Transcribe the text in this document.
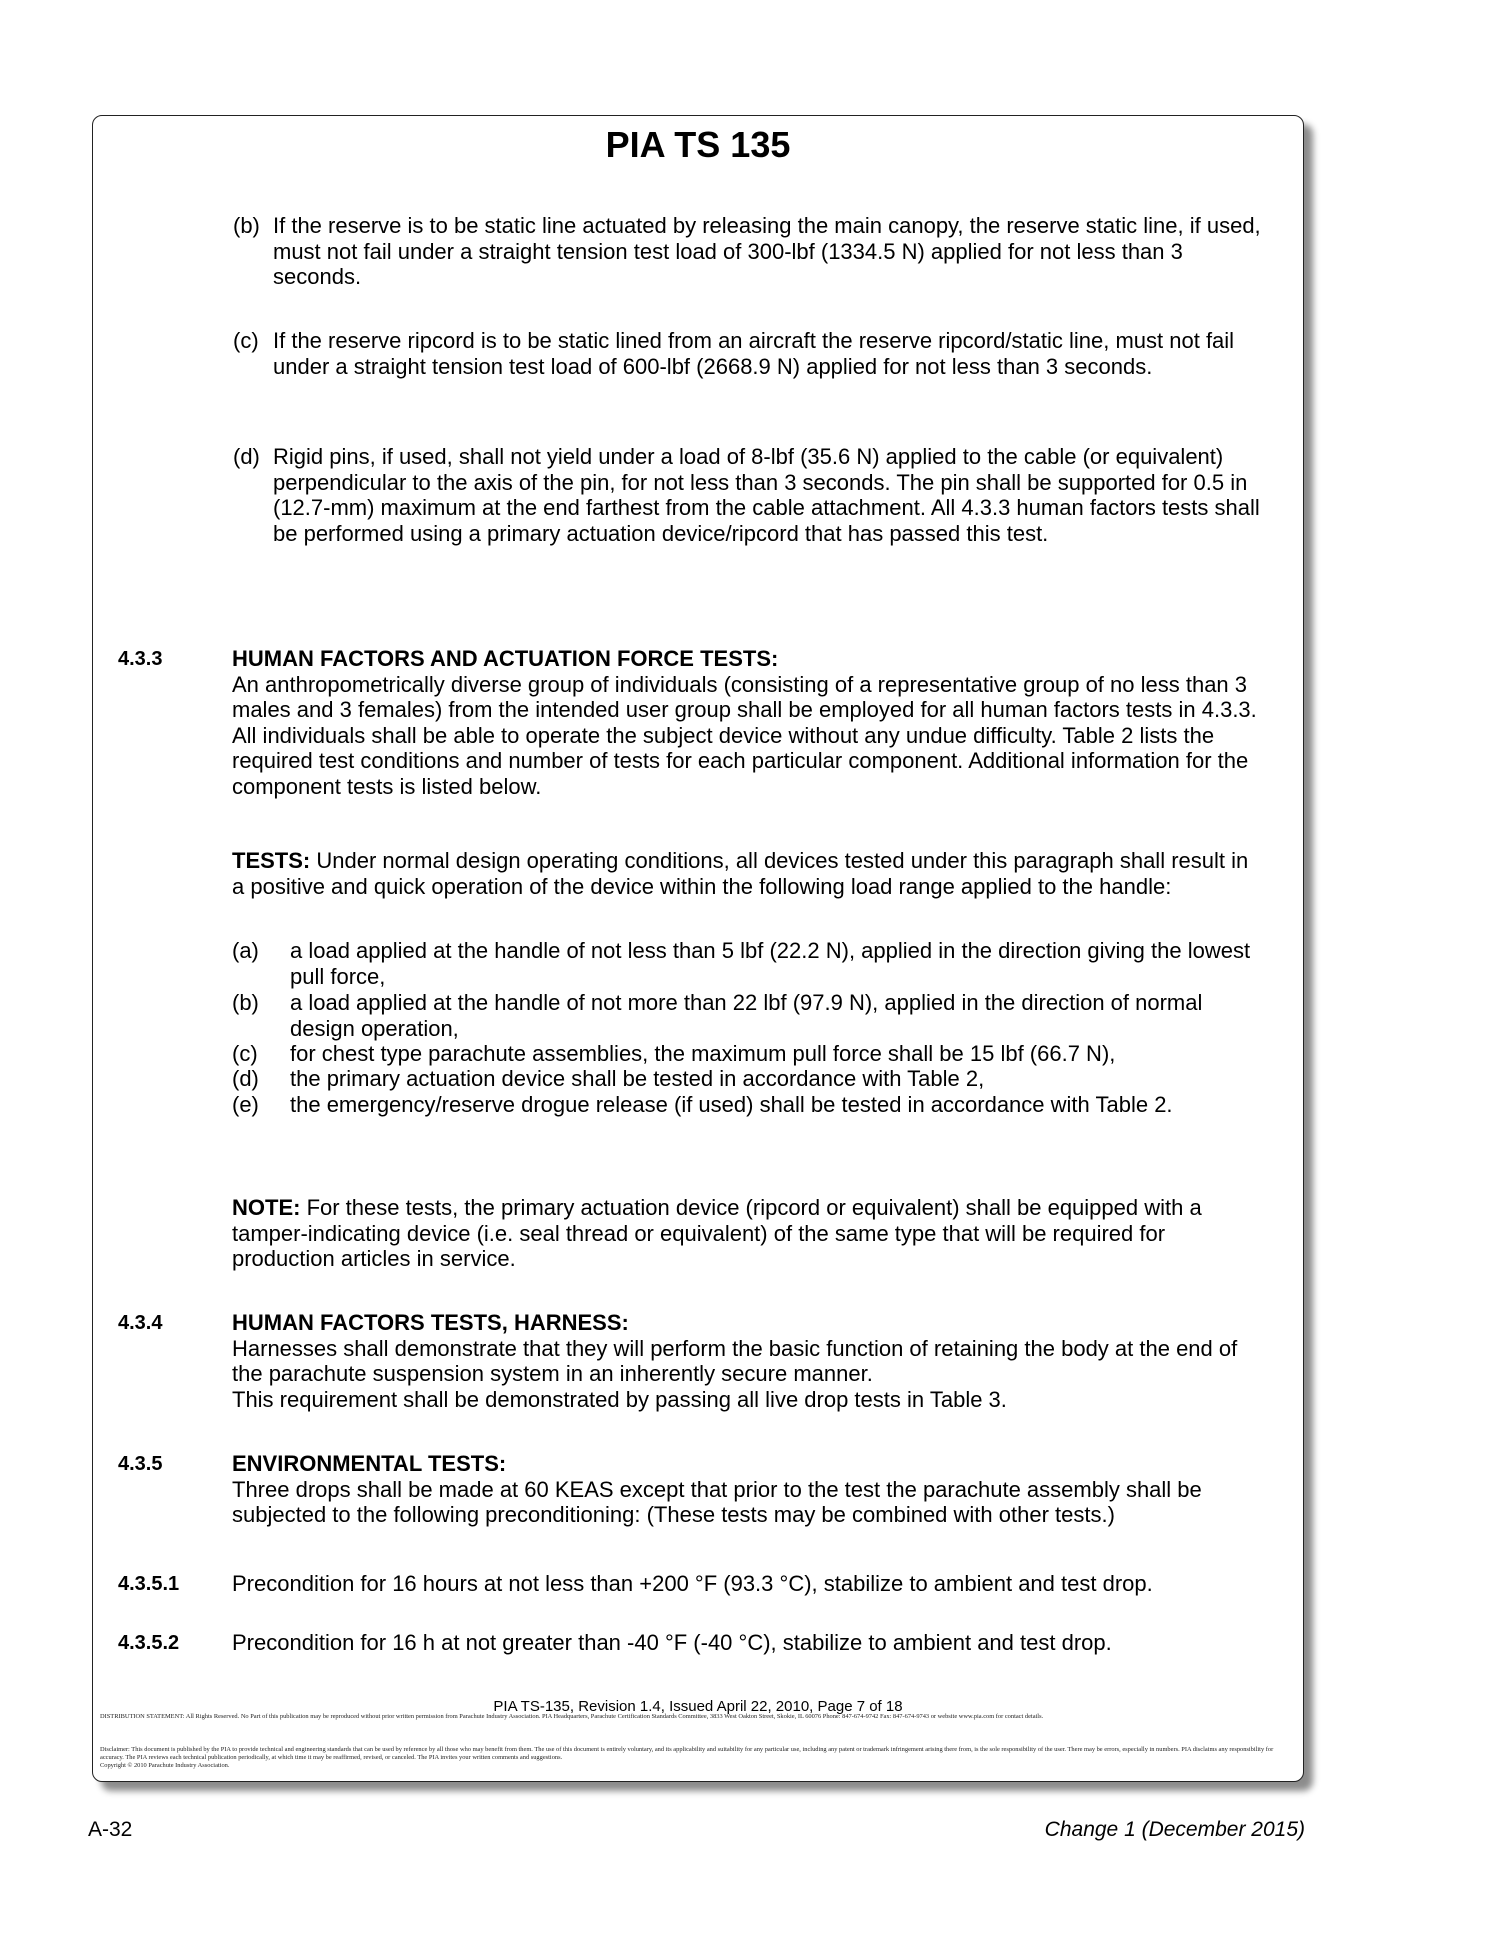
PIA TS 135
(b) If the reserve is to be static line actuated by releasing the main canopy, the reserve static line, if used, must not fail under a straight tension test load of 300-lbf (1334.5 N) applied for not less than 3 seconds.
(c) If the reserve ripcord is to be static lined from an aircraft the reserve ripcord/static line, must not fail under a straight tension test load of 600-lbf (2668.9 N) applied for not less than 3 seconds.
(d) Rigid pins, if used, shall not yield under a load of 8-lbf (35.6 N) applied to the cable (or equivalent) perpendicular to the axis of the pin, for not less than 3 seconds. The pin shall be supported for 0.5 in (12.7-mm) maximum at the end farthest from the cable attachment. All 4.3.3 human factors tests shall be performed using a primary actuation device/ripcord that has passed this test.
4.3.3	HUMAN FACTORS AND ACTUATION FORCE TESTS:
An anthropometrically diverse group of individuals (consisting of a representative group of no less than 3 males and 3 females) from the intended user group shall be employed for all human factors tests in 4.3.3. All individuals shall be able to operate the subject device without any undue difficulty. Table 2 lists the required test conditions and number of tests for each particular component. Additional information for the component tests is listed below.
TESTS: Under normal design operating conditions, all devices tested under this paragraph shall result in a positive and quick operation of the device within the following load range applied to the handle:
(a) a load applied at the handle of not less than 5 lbf (22.2 N), applied in the direction giving the lowest pull force,
(b) a load applied at the handle of not more than 22 lbf (97.9 N), applied in the direction of normal design operation,
(c) for chest type parachute assemblies, the maximum pull force shall be 15 lbf (66.7 N),
(d) the primary actuation device shall be tested in accordance with Table 2,
(e) the emergency/reserve drogue release (if used) shall be tested in accordance with Table 2.
NOTE: For these tests, the primary actuation device (ripcord or equivalent) shall be equipped with a tamper-indicating device (i.e. seal thread or equivalent) of the same type that will be required for production articles in service.
4.3.4	HUMAN FACTORS TESTS, HARNESS:
Harnesses shall demonstrate that they will perform the basic function of retaining the body at the end of the parachute suspension system in an inherently secure manner.
This requirement shall be demonstrated by passing all live drop tests in Table 3.
4.3.5	ENVIRONMENTAL TESTS:
Three drops shall be made at 60 KEAS except that prior to the test the parachute assembly shall be subjected to the following preconditioning: (These tests may be combined with other tests.)
4.3.5.1 Precondition for 16 hours at not less than +200 °F (93.3 °C), stabilize to ambient and test drop.
4.3.5.2 Precondition for 16 h at not greater than -40 °F (-40 °C), stabilize to ambient and test drop.
PIA TS-135, Revision 1.4, Issued April 22, 2010, Page 7 of 18
DISTRIBUTION STATEMENT: All Rights Reserved. No Part of this publication may be reproduced without prior written permission from Parachute Industry Association. PIA Headquarters, Parachute Certification Standards Committee, 3833 West Oakton Street, Skokie, IL 60076 Phone: 847-674-9742 Fax: 847-674-9743 or website www.pia.com for contact details.
Disclaimer: This document is published by the PIA to provide technical and engineering standards that can be used by reference by all those who may benefit from them. The use of this document is entirely voluntary, and its applicability and suitability for any particular use, including any patent or trademark infringement arising there from, is the sole responsibility of the user. There may be errors, especially in numbers. PIA disclaims any responsibility for accuracy. The PIA reviews each technical publication periodically, at which time it may be reaffirmed, revised, or canceled. The PIA invites your written comments and suggestions.
Copyright © 2010 Parachute Industry Association.
A-32	Change 1 (December 2015)
